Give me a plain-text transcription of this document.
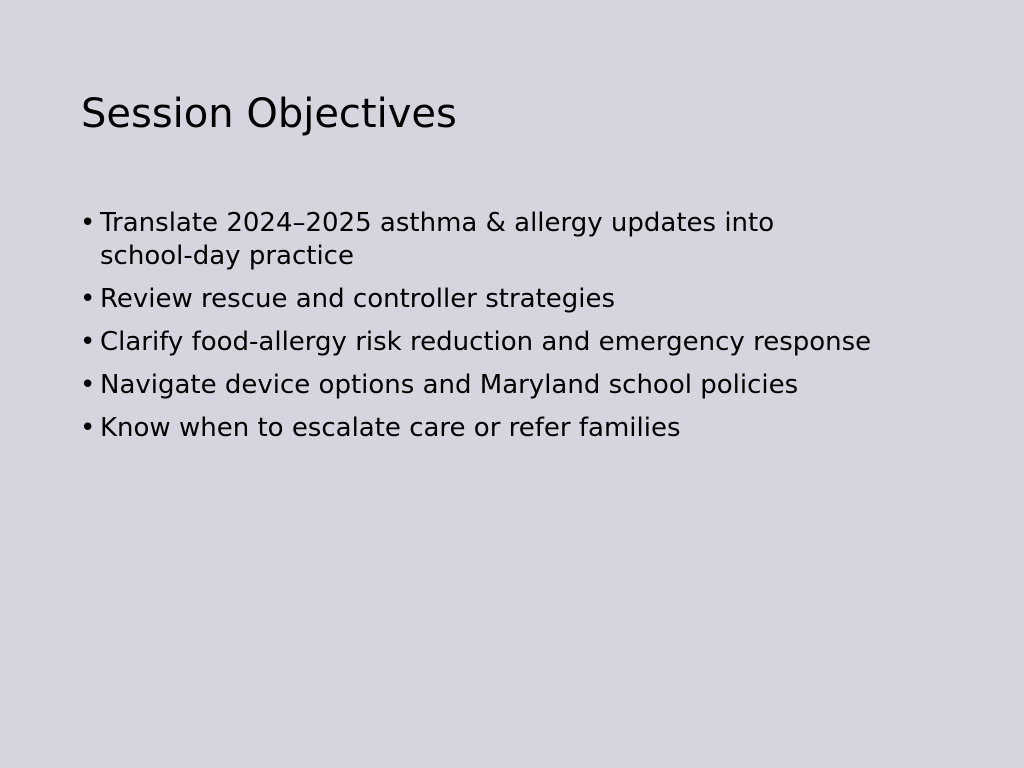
Session Objectives
• Translate 2024–2025 asthma & allergy updates into school-day practice
• Review rescue and controller strategies
• Clarify food-allergy risk reduction and emergency response
• Navigate device options and Maryland school policies
• Know when to escalate care or refer families
